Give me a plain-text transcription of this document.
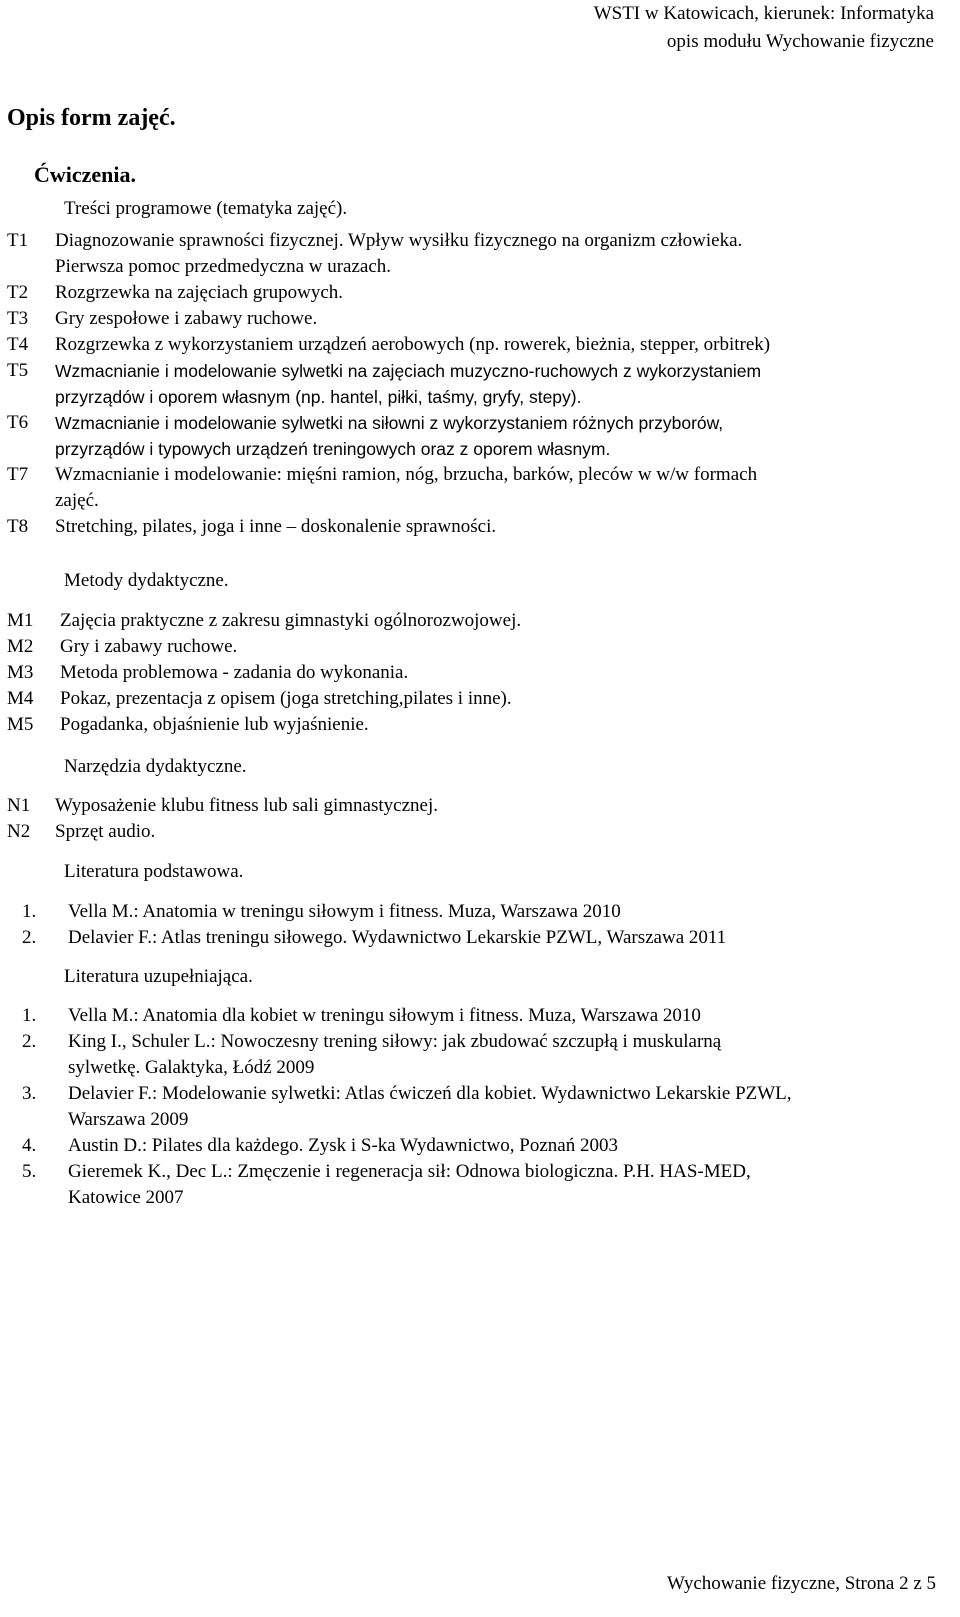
WSTI w Katowicach, kierunek: Informatyka
opis modułu Wychowanie fizyczne
Opis form zajęć.
Ćwiczenia.
Treści programowe (tematyka zajęć).
T1	Diagnozowanie sprawności fizycznej. Wpływ wysiłku fizycznego na organizm człowieka.
Pierwsza pomoc przedmedyczna w urazach.
T2	Rozgrzewka na zajęciach grupowych.
T3	Gry zespołowe i zabawy ruchowe.
T4	Rozgrzewka z wykorzystaniem urządzeń aerobowych (np. rowerek, bieżnia, stepper, orbitrek)
T5	Wzmacnianie i modelowanie sylwetki na zajęciach muzyczno-ruchowych z wykorzystaniem
przyrządów i oporem własnym (np. hantel, piłki, taśmy, gryfy, stepy).
T6	Wzmacnianie i modelowanie sylwetki na siłowni z wykorzystaniem różnych przyborów,
przyrządów i typowych urządzeń treningowych oraz z oporem własnym.
T7	Wzmacnianie i modelowanie: mięśni ramion, nóg, brzucha, barków, pleców w w/w formach
zajęć.
T8	Stretching, pilates, joga i inne – doskonalenie sprawności.
Metody dydaktyczne.
M1	Zajęcia praktyczne z zakresu gimnastyki ogólnorozwojowej.
M2	Gry i zabawy ruchowe.
M3	Metoda problemowa - zadania do wykonania.
M4	Pokaz, prezentacja z opisem (joga stretching,pilates i inne).
M5	Pogadanka, objaśnienie lub wyjaśnienie.
Narzędzia dydaktyczne.
N1	Wyposażenie klubu fitness lub sali gimnastycznej.
N2	Sprzęt audio.
Literatura podstawowa.
1.	Vella M.: Anatomia w treningu siłowym i fitness. Muza, Warszawa 2010
2.	Delavier F.: Atlas treningu siłowego. Wydawnictwo Lekarskie PZWL, Warszawa 2011
Literatura uzupełniająca.
1.	Vella M.: Anatomia dla kobiet w treningu siłowym i fitness. Muza, Warszawa 2010
2.	King I., Schuler L.: Nowoczesny trening siłowy: jak zbudować szczupłą i muskularną
sylwetkę. Galaktyka, Łódź 2009
3.	Delavier F.: Modelowanie sylwetki: Atlas ćwiczeń dla kobiet. Wydawnictwo Lekarskie PZWL,
Warszawa 2009
4.	Austin D.: Pilates dla każdego. Zysk i S-ka Wydawnictwo, Poznań 2003
5.	Gieremek K., Dec L.: Zmęczenie i regeneracja sił: Odnowa biologiczna. P.H. HAS-MED,
Katowice 2007
Wychowanie fizyczne, Strona 2 z 5
